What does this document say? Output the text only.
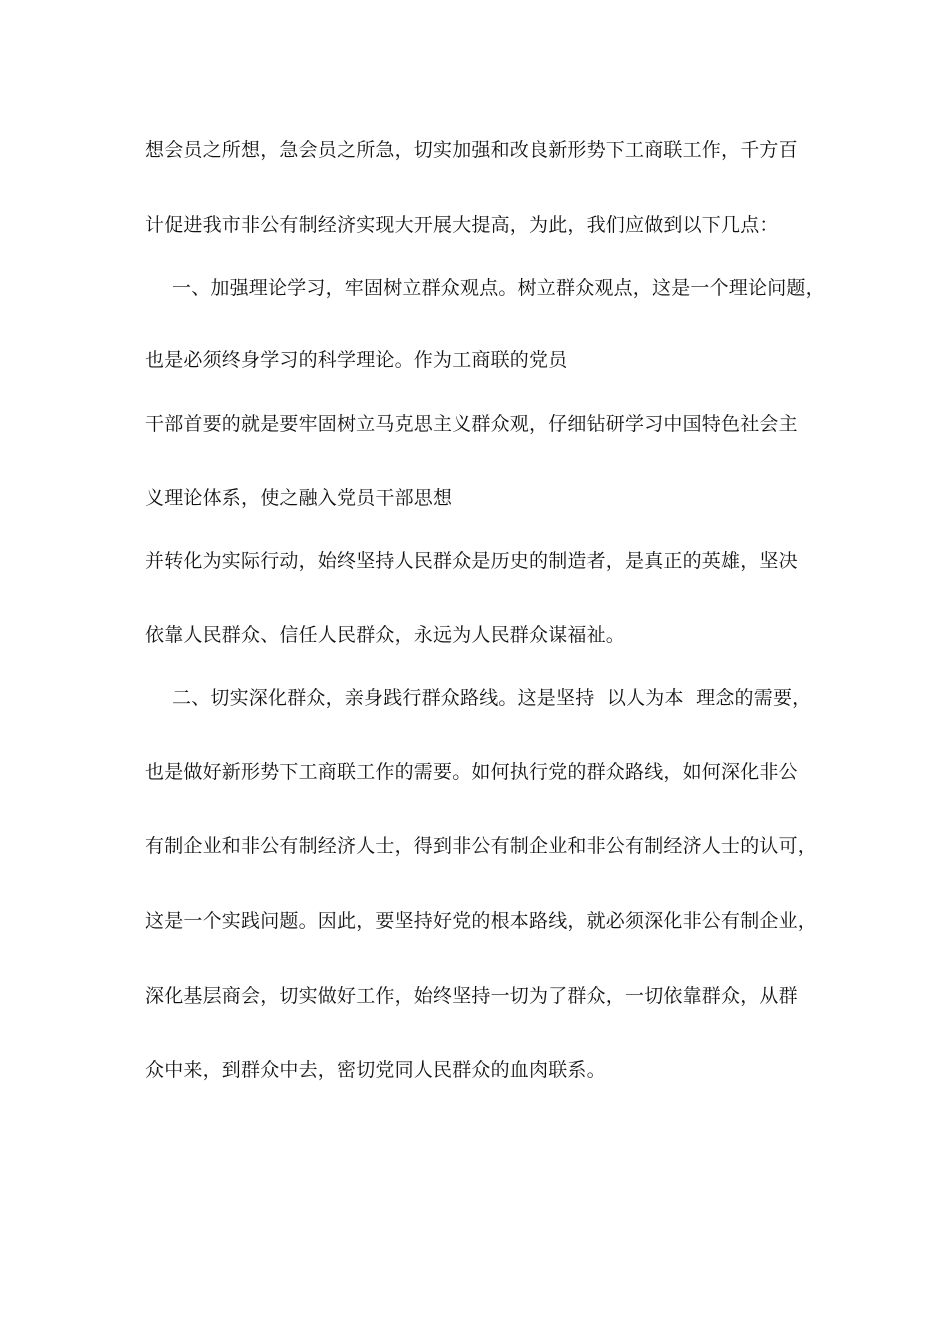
想会员之所想，急会员之所急，切实加强和改良新形势下工商联工作，千方百
计促进我市非公有制经济实现大开展大提高，为此，我们应做到以下几点：
一、加强理论学习，牢固树立群众观点。树立群众观点，这是一个理论问题，
也是必须终身学习的科学理论。作为工商联的党员
干部首要的就是要牢固树立马克思主义群众观，仔细钻研学习中国特色社会主
义理论体系，使之融入党员干部思想
并转化为实际行动，始终坚持人民群众是历史的制造者，是真正的英雄，坚决
依靠人民群众、信任人民群众，永远为人民群众谋福祉。
二、切实深化群众，亲身践行群众路线。这是坚持  以人为本  理念的需要，
也是做好新形势下工商联工作的需要。如何执行党的群众路线，如何深化非公
有制企业和非公有制经济人士，得到非公有制企业和非公有制经济人士的认可，
这是一个实践问题。因此，要坚持好党的根本路线，就必须深化非公有制企业，
深化基层商会，切实做好工作，始终坚持一切为了群众，一切依靠群众，从群
众中来，到群众中去，密切党同人民群众的血肉联系。
